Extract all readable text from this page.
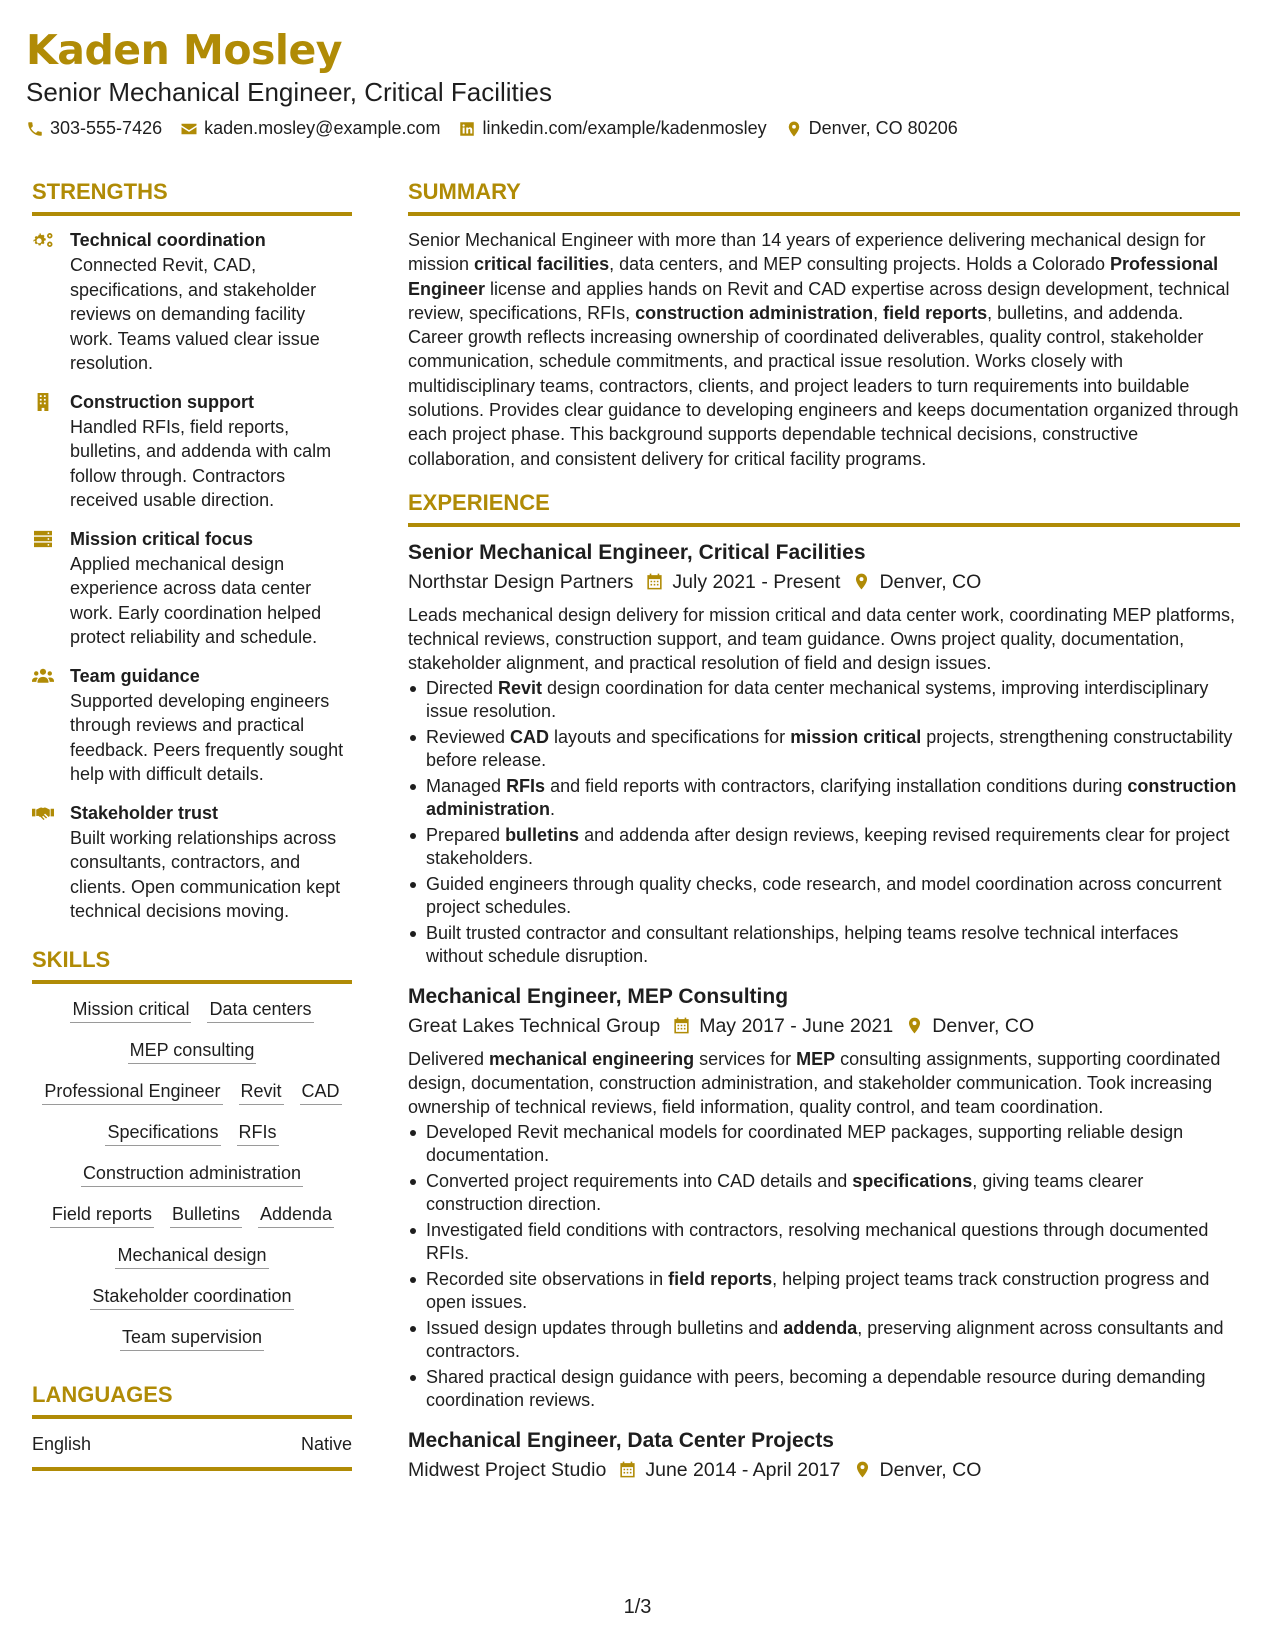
Kaden Mosley
Senior Mechanical Engineer, Critical Facilities
303-555-7426 kaden.mosley@example.com linkedin.com/example/kadenmosley Denver, CO 80206
STRENGTHS
Technical coordination
Connected Revit, CAD, specifications, and stakeholder reviews on demanding facility work. Teams valued clear issue resolution.
Construction support
Handled RFIs, field reports, bulletins, and addenda with calm follow through. Contractors received usable direction.
Mission critical focus
Applied mechanical design experience across data center work. Early coordination helped protect reliability and schedule.
Team guidance
Supported developing engineers through reviews and practical feedback. Peers frequently sought help with difficult details.
Stakeholder trust
Built working relationships across consultants, contractors, and clients. Open communication kept technical decisions moving.
SKILLS
Mission critical Data centers
MEP consulting
Professional Engineer Revit CAD
Specifications RFIs
Construction administration
Field reports Bulletins Addenda
Mechanical design
Stakeholder coordination
Team supervision
LANGUAGES
English	Native
SUMMARY
Senior Mechanical Engineer with more than 14 years of experience delivering mechanical design for mission critical facilities, data centers, and MEP consulting projects. Holds a Colorado Professional Engineer license and applies hands on Revit and CAD expertise across design development, technical review, specifications, RFIs, construction administration, field reports, bulletins, and addenda. Career growth reflects increasing ownership of coordinated deliverables, quality control, stakeholder communication, schedule commitments, and practical issue resolution. Works closely with multidisciplinary teams, contractors, clients, and project leaders to turn requirements into buildable solutions. Provides clear guidance to developing engineers and keeps documentation organized through each project phase. This background supports dependable technical decisions, constructive collaboration, and consistent delivery for critical facility programs.
EXPERIENCE
Senior Mechanical Engineer, Critical Facilities
Northstar Design Partners July 2021 - Present Denver, CO
Leads mechanical design delivery for mission critical and data center work, coordinating MEP platforms, technical reviews, construction support, and team guidance. Owns project quality, documentation, stakeholder alignment, and practical resolution of field and design issues.
Directed Revit design coordination for data center mechanical systems, improving interdisciplinary issue resolution.
Reviewed CAD layouts and specifications for mission critical projects, strengthening constructability before release.
Managed RFIs and field reports with contractors, clarifying installation conditions during construction administration.
Prepared bulletins and addenda after design reviews, keeping revised requirements clear for project stakeholders.
Guided engineers through quality checks, code research, and model coordination across concurrent project schedules.
Built trusted contractor and consultant relationships, helping teams resolve technical interfaces without schedule disruption.
Mechanical Engineer, MEP Consulting
Great Lakes Technical Group May 2017 - June 2021 Denver, CO
Delivered mechanical engineering services for MEP consulting assignments, supporting coordinated design, documentation, construction administration, and stakeholder communication. Took increasing ownership of technical reviews, field information, quality control, and team coordination.
Developed Revit mechanical models for coordinated MEP packages, supporting reliable design documentation.
Converted project requirements into CAD details and specifications, giving teams clearer construction direction.
Investigated field conditions with contractors, resolving mechanical questions through documented RFIs.
Recorded site observations in field reports, helping project teams track construction progress and open issues.
Issued design updates through bulletins and addenda, preserving alignment across consultants and contractors.
Shared practical design guidance with peers, becoming a dependable resource during demanding coordination reviews.
Mechanical Engineer, Data Center Projects
Midwest Project Studio June 2014 - April 2017 Denver, CO
1/3
